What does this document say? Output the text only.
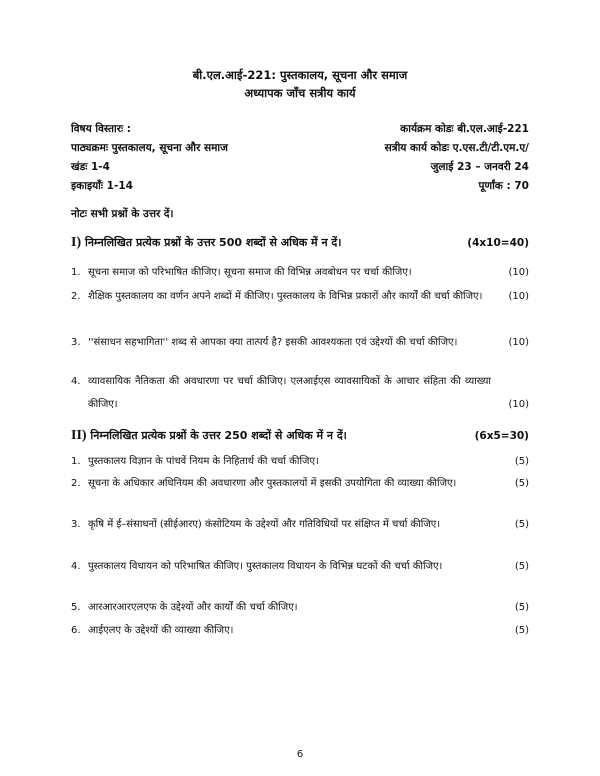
बी.एल.आई-221: पुस्तकालय, सूचना और समाज
अध्यापक जाँच सत्रीय कार्य
विषय विस्तारः :
पाठ्यक्रमः पुस्तकालय, सूचना और समाज
खंडः 1-4
इकाइयाँः 1-14
कार्यक्रम कोडः बी.एल.आई-221
सत्रीय कार्य कोडः ए.एस.टी/टी.एम.ए/
जुलाई 23 – जनवरी 24
पूर्णांक : 70
नोटः सभी प्रश्नों के उत्तर दें।
I) निम्नलिखित प्रत्येक प्रश्नों के उत्तर 500 शब्दों से अधिक में न दें।	(4x10=40)
1. सूचना समाज को परिभाषित कीजिए। सूचना समाज की विभिन्न अवबोधन पर चर्चा कीजिए।	(10)
2. शैक्षिक पुस्तकालय का वर्णन अपने शब्दों में कीजिए। पुस्तकालय के विभिन्न प्रकारों और कार्यों की चर्चा कीजिए।	(10)
3. ''संसाधन सहभागिता'' शब्द से आपका क्या तात्पर्य है? इसकी आवश्यकता एवं उद्देश्यों की चर्चा कीजिए।	(10)
4. व्यावसायिक नैतिकता की अवधारणा पर चर्चा कीजिए। एलआईएस व्यावसायिकों के आचार संहिता की व्याख्या कीजिए।	(10)
II) निम्नलिखित प्रत्येक प्रश्नों के उत्तर 250 शब्दों से अधिक में न दें।	(6x5=30)
1. पुस्तकालय विज्ञान के पांचवें नियम के निहितार्थ की चर्चा कीजिए।	(5)
2. सूचना के अधिकार अधिनियम की अवधारणा और पुस्तकालयों में इसकी उपयोगिता की व्याख्या कीजिए।	(5)
3. कृषि में ई–संसाधनों (सीईआरए) कंसोटियम के उद्देश्यों और गतिविधियों पर संक्षिप्त में चर्चा कीजिए।	(5)
4. पुस्तकालय विधायन को परिभाषित कीजिए। पुस्तकालय विधायन के विभिन्न घटकों की चर्चा कीजिए।	(5)
5. आरआरआरएलएफ के उद्देश्यों और कार्यों की चर्चा कीजिए।	(5)
6. आईएलए के उद्देश्यों की व्याख्या कीजिए।	(5)
6
